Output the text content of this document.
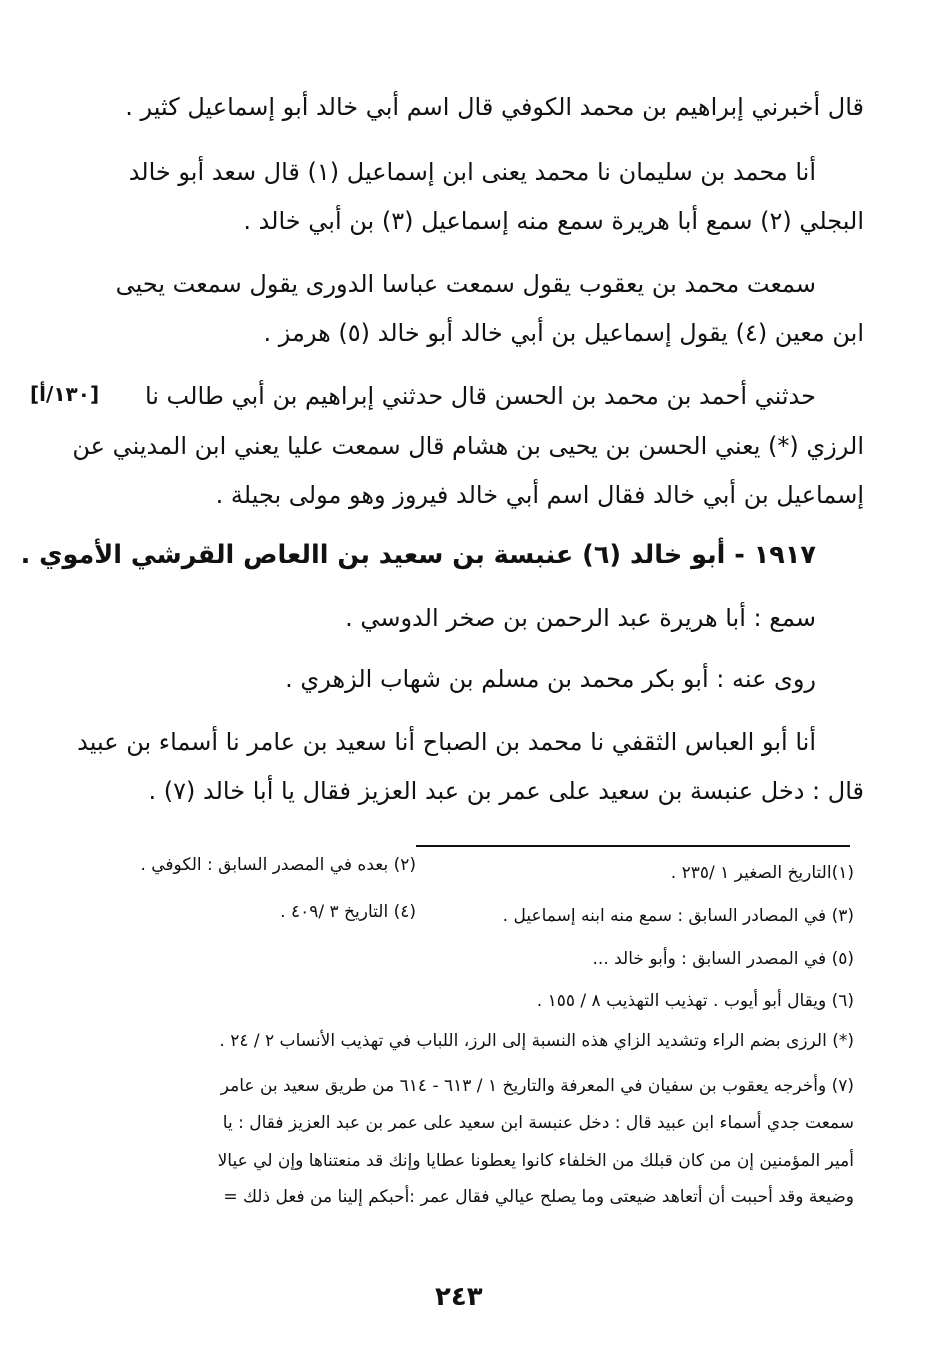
قال أخبرني إبراهيم بن محمد الكوفي قال اسم أبي خالد أبو إسماعيل كثير .
أنا محمد بن سليمان نا محمد يعنى ابن إسماعيل (١) قال سعد أبو خالد
البجلي (٢) سمع أبا هريرة سمع منه إسماعيل (٣) بن أبي خالد .
سمعت محمد بن يعقوب يقول سمعت عباسا الدورى يقول سمعت يحيى
ابن معين (٤) يقول إسماعيل بن أبي خالد أبو خالد (٥) هرمز .
حدثني أحمد بن محمد بن الحسن قال حدثني إبراهيم بن أبي طالب نا
الرزي (*) يعني الحسن بن يحيى بن هشام قال سمعت عليا يعني ابن المديني عن
إسماعيل بن أبي خالد فقال اسم أبي خالد فيروز وهو مولى بجيلة .
١٩١٧ - أبو خالد (٦) عنبسة بن سعيد بن االعاص القرشي الأموي .
سمع : أبا هريرة عبد الرحمن بن صخر الدوسي .
روى عنه : أبو بكر محمد بن مسلم بن شهاب الزهري .
أنا أبو العباس الثقفي نا محمد بن الصباح أنا سعيد بن عامر نا أسماء بن عبيد
قال : دخل عنبسة بن سعيد على عمر بن عبد العزيز فقال يا أبا خالد (٧) .
[١٣٠/أ]
(١)التاريخ الصغير ١ /٢٣٥ .
(٢) بعده في المصدر السابق : الكوفي .
(٣) في المصادر السابق : سمع منه ابنه إسماعيل .
(٤) التاريخ ٣ /٤٠٩ .
(٥) في المصدر السابق : وأبو خالد ...
(٦) ويقال أبو أيوب . تهذيب التهذيب ٨ / ١٥٥ .
(*) الرزى بضم الراء وتشديد الزاي هذه النسبة إلى الرز، اللباب في تهذيب الأنساب ٢ / ٢٤ .
(٧) وأخرجه يعقوب بن سفيان في المعرفة والتاريخ ١ / ٦١٣ - ٦١٤ من طريق سعيد بن عامر
سمعت جدي أسماء ابن عبيد قال : دخل عنبسة ابن سعيد على عمر بن عبد العزيز فقال : يا
أمير المؤمنين إن من كان قبلك من الخلفاء كانوا يعطونا عطايا وإنك قد منعتناها وإن لي عيالا
وضيعة وقد أحببت أن أتعاهد ضيعتى وما يصلح عيالي فقال عمر :أحبكم إلينا من فعل ذلك =
٢٤٣
